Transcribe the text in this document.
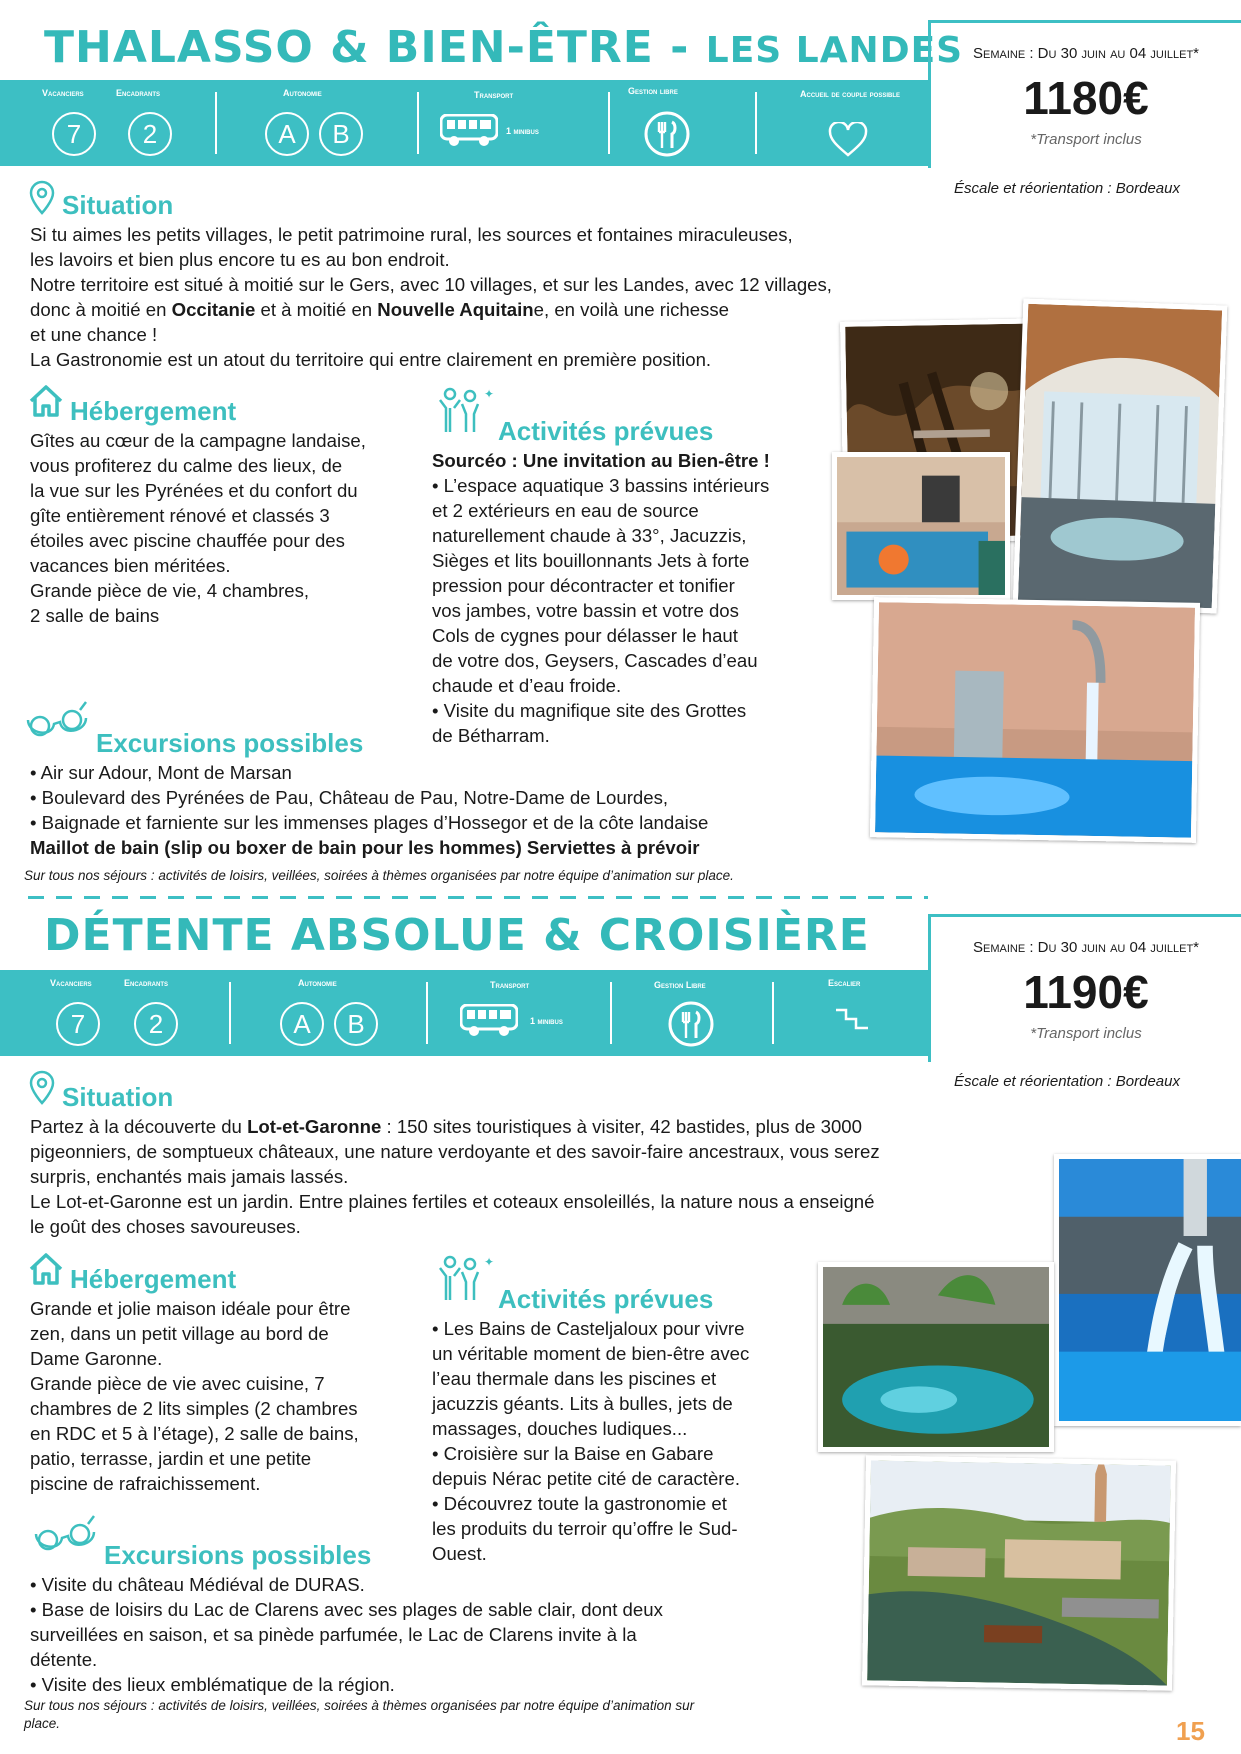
THALASSO & BIEN-ÊTRE - LES LANDES
Vacanciers	Encadrants
7	2
Autonomie
A	B
Transport
1 minibus
Gestion libre	Accueil de couple possible
Semaine : Du 30 juin au 04 juillet*
1180€
*Transport inclus
Éscale et réorientation : Bordeaux
Situation

Si tu aimes les petits villages, le petit patrimoine rural, les sources et fontaines miraculeuses,

les lavoirs et bien plus encore tu es au bon endroit.

Notre territoire est situé à moitié sur le Gers, avec 10 villages, et sur les Landes, avec 12 villages,

donc à moitié en Occitanie et à moitié en Nouvelle Aquitaine, en voilà une richesse

et une chance !

La Gastronomie est un atout du territoire qui entre clairement en première position.

Hébergement

Gîtes au cœur de la campagne landaise,

vous profiterez du calme des lieux, de

la vue sur les Pyrénées et du confort du

gîte entièrement rénové et classés 3

étoiles avec piscine chauffée pour des

vacances bien méritées.

Grande pièce de vie, 4 chambres,

2 salle de bains

✦
Activités prévues
Sourcéo : Une invitation au Bien-être !

• L’espace aquatique 3 bassins intérieurs

et 2 extérieurs en eau de source

naturellement chaude à 33°, Jacuzzis,

Sièges et lits bouillonnants Jets à forte

pression pour décontracter et tonifier

vos jambes, votre bassin et votre dos

Cols de cygnes pour délasser le haut

de votre dos, Geysers, Cascades d’eau

chaude et d’eau froide.

• Visite du magnifique site des Grottes

de Bétharram.

Excursions possibles

• Air sur Adour, Mont de Marsan

• Boulevard des Pyrénées de Pau, Château de Pau, Notre-Dame de Lourdes,

• Baignade et farniente sur les immenses plages d’Hossegor et de la côte landaise

Maillot de bain (slip ou boxer de bain pour les hommes) Serviettes à prévoir
Sur tous nos séjours : activités de loisirs, veillées, soirées à thèmes organisées par notre équipe d’animation sur place.
DÉTENTE ABSOLUE & CROISIÈRE
Vacanciers	Encadrants
7	2
Autonomie
A	B
Transport
1 minibus
Gestion Libre	Escalier
Semaine : Du 30 juin au 04 juillet*
1190€
*Transport inclus
Éscale et réorientation : Bordeaux
Situation

Partez à la découverte du Lot-et-Garonne : 150 sites touristiques à visiter, 42 bastides, plus de 3000

pigeonniers, de somptueux châteaux, une nature verdoyante et des savoir-faire ancestraux, vous serez

surpris, enchantés mais jamais lassés.

Le Lot-et-Garonne est un jardin. Entre plaines fertiles et coteaux ensoleillés, la nature nous a enseigné

le goût des choses savoureuses.

Hébergement

Grande et jolie maison idéale pour être

zen, dans un petit village au bord de

Dame Garonne.

Grande pièce de vie avec cuisine, 7

chambres de 2 lits simples (2 chambres

en RDC et 5 à l’étage), 2 salle de bains,

patio, terrasse, jardin et une petite

piscine de rafraichissement.

✦
Activités prévues

• Les Bains de Casteljaloux pour vivre

un véritable moment de bien-être avec

l’eau thermale dans les piscines et

jacuzzis géants. Lits à bulles, jets de

massages, douches ludiques...

• Croisière sur la Baise en Gabare

depuis Nérac petite cité de caractère.

• Découvrez toute la gastronomie et

les produits du terroir qu’offre le Sud-

Ouest.

Excursions possibles

• Visite du château Médiéval de DURAS.

• Base de loisirs du Lac de Clarens avec ses plages de sable clair, dont deux

surveillées en saison, et sa pinède parfumée, le Lac de Clarens invite à la

détente.

• Visite des lieux emblématique de la région.

Sur tous nos séjours : activités de loisirs, veillées, soirées à thèmes organisées par notre équipe d’animation sur
place.	15
